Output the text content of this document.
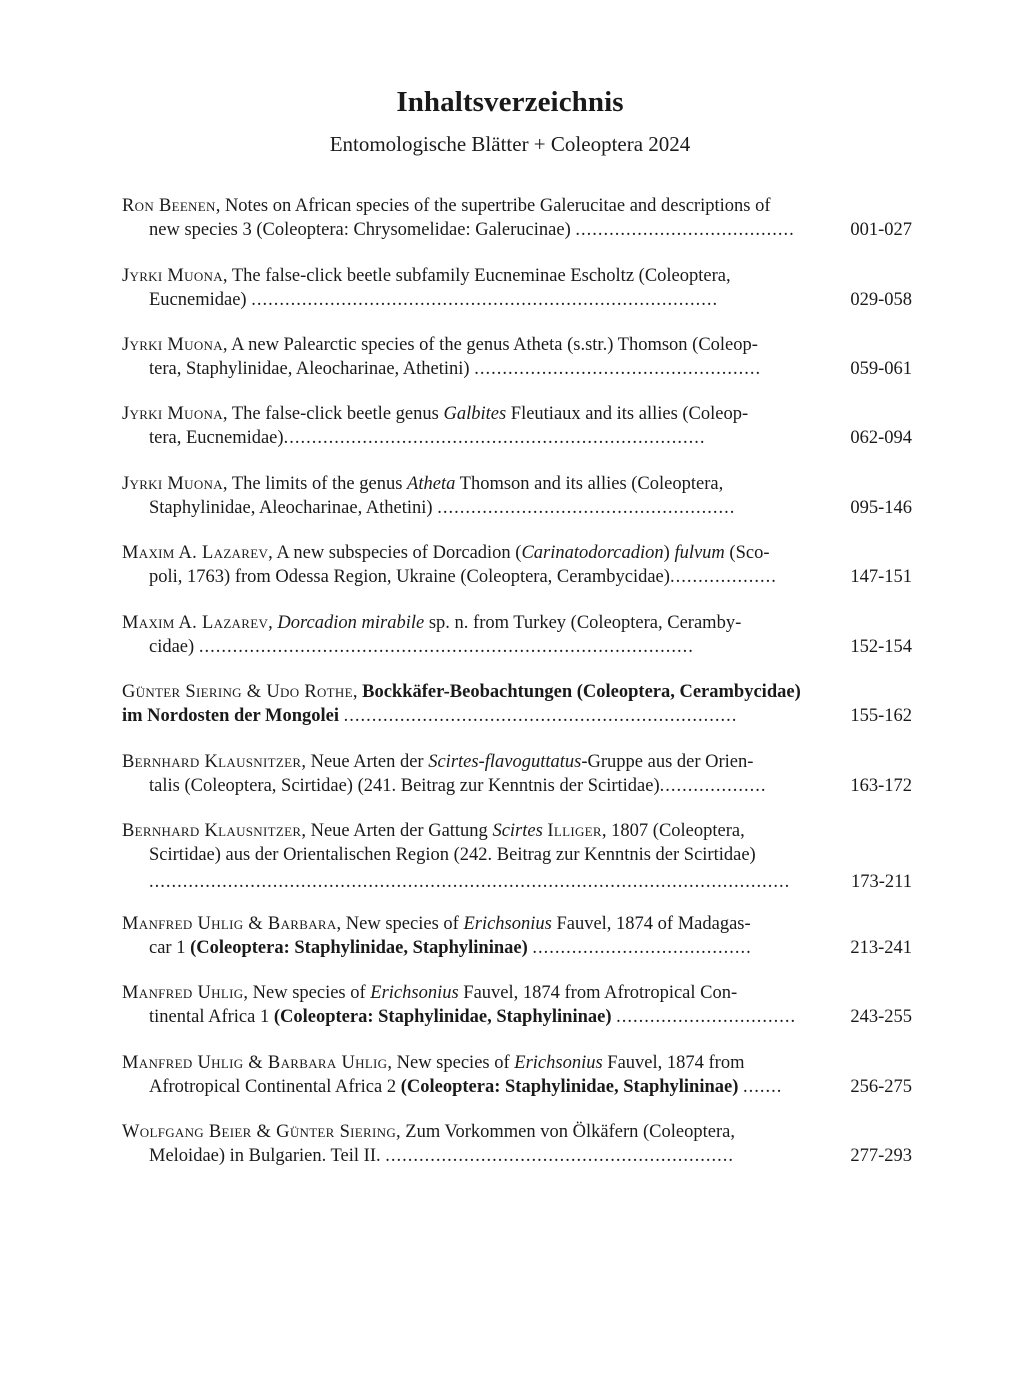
Inhaltsverzeichnis
Entomologische Blätter + Coleoptera 2024
Ron Beenen, Notes on African species of the supertribe Galerucitae and descriptions of
new species 3 (Coleoptera: Chrysomelidae: Galerucinae) .......................................	001-027
Jyrki Muona, The false-click beetle subfamily Eucneminae Escholtz (Coleoptera,
Eucnemidae) ...................................................................................	029-058
Jyrki Muona, A new Palearctic species of the genus Atheta (s.str.) Thomson (Coleop-
tera, Staphylinidae, Aleocharinae, Athetini) ...................................................	059-061
Jyrki Muona, The false-click beetle genus Galbites Fleutiaux and its allies (Coleop-
tera, Eucnemidae)...........................................................................	062-094
Jyrki Muona, The limits of the genus Atheta Thomson and its allies (Coleoptera,
Staphylinidae, Aleocharinae, Athetini) .....................................................	095-146
Maxim A. Lazarev, A new subspecies of Dorcadion (Carinatodorcadion) fulvum (Sco-
poli, 1763) from Odessa Region, Ukraine (Coleoptera, Cerambycidae)...................	147-151
Maxim A. Lazarev, Dorcadion mirabile sp. n. from Turkey (Coleoptera, Ceramby-
cidae) ........................................................................................	152-154
Günter Siering & Udo Rothe, Bockkäfer-Beobachtungen (Coleoptera, Cerambycidae)
im Nordosten der Mongolei ......................................................................	155-162
Bernhard Klausnitzer, Neue Arten der Scirtes-flavoguttatus-Gruppe aus der Orien-
talis (Coleoptera, Scirtidae) (241. Beitrag zur Kenntnis der Scirtidae)...................	163-172
Bernhard Klausnitzer, Neue Arten der Gattung Scirtes Illiger, 1807 (Coleoptera,
Scirtidae) aus der Orientalischen Region (242. Beitrag zur Kenntnis der Scirtidae)
..................................................................................................................	173-211
Manfred Uhlig & Barbara, New species of Erichsonius Fauvel, 1874 of Madagas-
car 1 (Coleoptera: Staphylinidae, Staphylininae) .......................................	213-241
Manfred Uhlig, New species of Erichsonius Fauvel, 1874 from Afrotropical Con-
tinental Africa 1 (Coleoptera: Staphylinidae, Staphylininae) ................................	243-255
Manfred Uhlig & Barbara Uhlig, New species of Erichsonius Fauvel, 1874 from
Afrotropical Continental Africa 2 (Coleoptera: Staphylinidae, Staphylininae) .......	256-275
Wolfgang Beier & Günter Siering, Zum Vorkommen von Ölkäfern (Coleoptera,
Meloidae) in Bulgarien. Teil II. ..............................................................	277-293
